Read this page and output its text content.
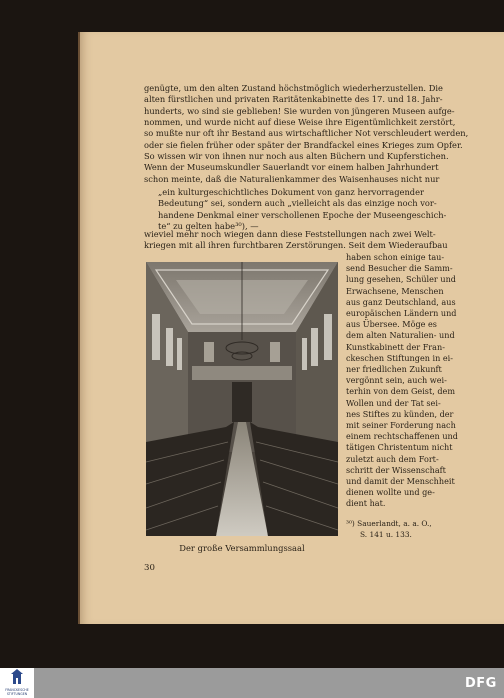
genügte, um den alten Zustand höchstmöglich wiederherzustellen. Die
alten fürstlichen und privaten Raritätenkabinette des 17. und 18. Jahr-
hunderts, wo sind sie geblieben! Sie wurden von jüngeren Museen aufge-
nommen, und wurde nicht auf diese Weise ihre Eigentümlichkeit zerstört,
so mußte nur oft ihr Bestand aus wirtschaftlicher Not verschleudert werden,
oder sie fielen früher oder später der Brandfackel eines Krieges zum Opfer.
So wissen wir von ihnen nur noch aus alten Büchern und Kupferstichen.
Wenn der Museumskundler Sauerlandt vor einem halben Jahrhundert
schon meinte, daß die Naturalienkammer des Waisenhauses nicht nur
„ein kulturgeschichtliches Dokument von ganz hervorragender
Bedeutung“ sei, sondern auch „vielleicht als das einzige noch vor-
handene Denkmal einer verschollenen Epoche der Museengeschich-
te“ zu gelten habe³⁰), —
wieviel mehr noch wiegen dann diese Feststellungen nach zwei Welt-
kriegen mit all ihren furchtbaren Zerstörungen. Seit dem Wiederaufbau
Der große Versammlungssaal
haben schon einige tau-
send Besucher die Samm-
lung gesehen, Schüler und
Erwachsene, Menschen
aus ganz Deutschland, aus
europäischen Ländern und
aus Übersee. Möge es
dem alten Naturalien- und
Kunstkabinett der Fran-
ckeschen Stiftungen in ei-
ner friedlichen Zukunft
vergönnt sein, auch wei-
terhin von dem Geist, dem
Wollen und der Tat sei-
nes Stiftes zu künden, der
mit seiner Forderung nach
einem rechtschaffenen und
tätigen Christentum nicht
zuletzt auch dem Fort-
schritt der Wissenschaft
und damit der Menschheit
dienen wollte und ge-
dient hat.
³⁰) Sauerlandt, a. a. O.,
S. 141 u. 133.
30
FRANCKESCHE
STIFTUNGEN
DFG
